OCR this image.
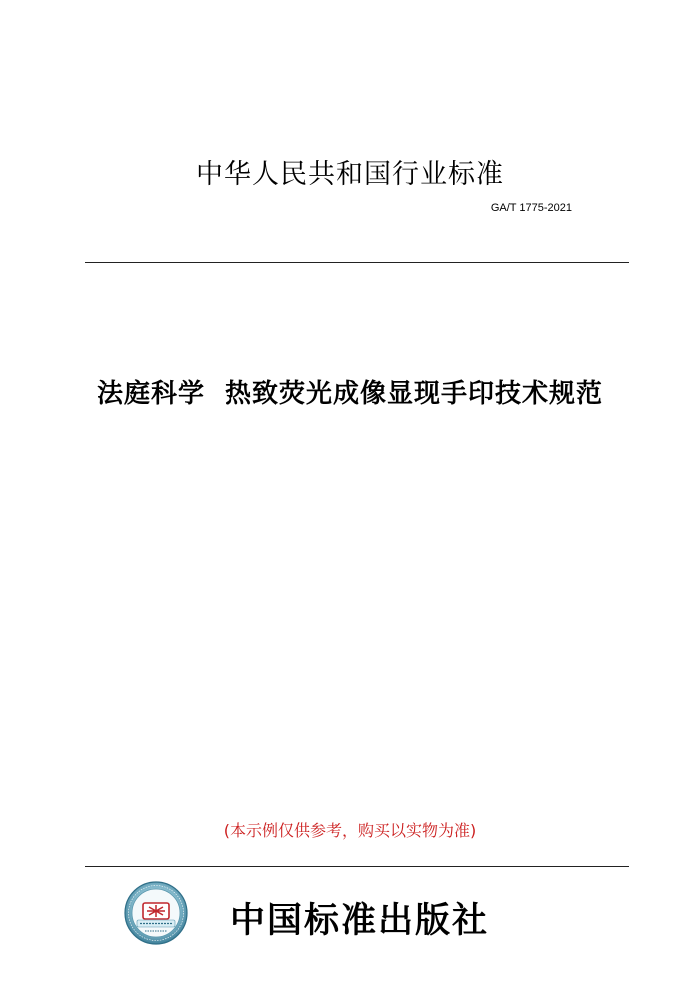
中华人民共和国行业标准
GA/T 1775-2021
法庭科学  热致荧光成像显现手印技术规范
(本示例仅供参考，购买以实物为准)
中国标准出版社
